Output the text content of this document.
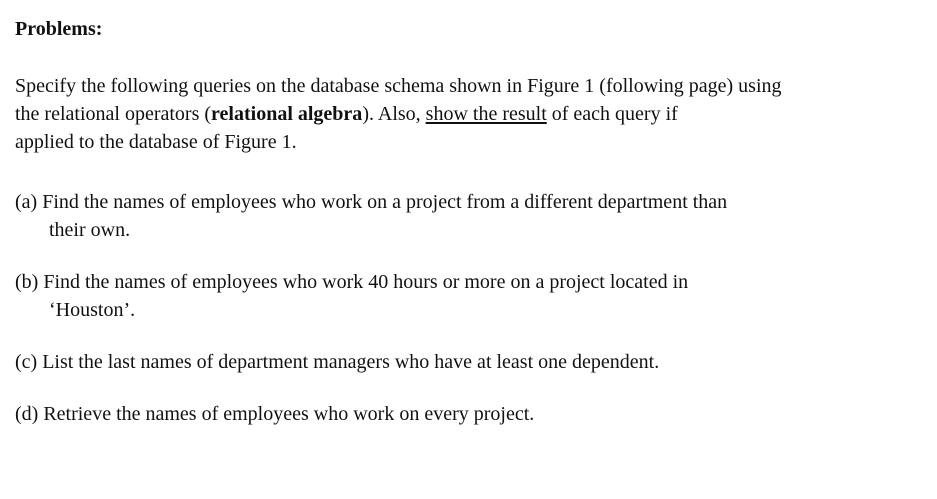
Problems:

Specify the following queries on the database schema shown in Figure 1 (following page) using
the relational operators (relational algebra). Also, show the result of each query if
applied to the database of Figure 1.

(a) Find the names of employees who work on a project from a different department than
their own.

(b) Find the names of employees who work 40 hours or more on a project located in
‘Houston’.

(c) List the last names of department managers who have at least one dependent.

(d) Retrieve the names of employees who work on every project.
